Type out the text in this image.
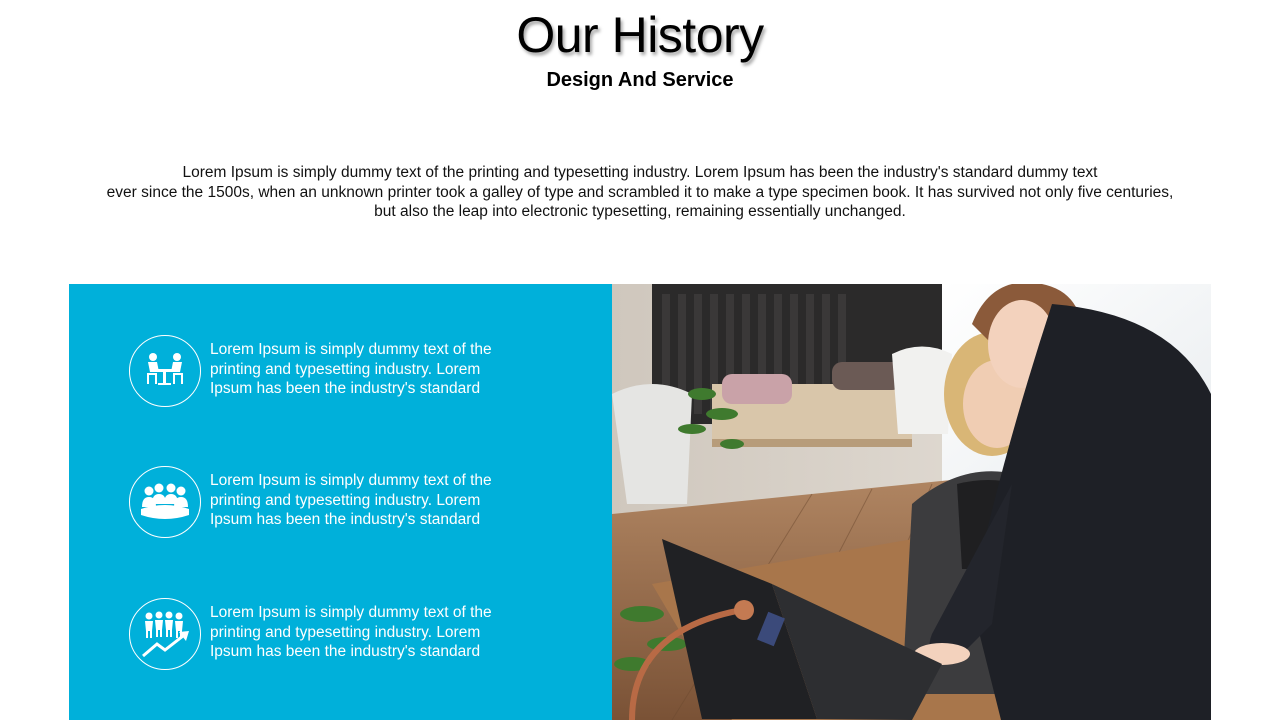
Our History
Design And Service
Lorem Ipsum is simply dummy text of the printing and typesetting industry. Lorem Ipsum has been the industry's standard dummy text
ever since the 1500s, when an unknown printer took a galley of type and scrambled it to make a type specimen book. It has survived not only five centuries,
but also the leap into electronic typesetting, remaining essentially unchanged.
Lorem Ipsum is simply dummy text of the
printing and typesetting industry. Lorem
Ipsum has been the industry's standard
Lorem Ipsum is simply dummy text of the
printing and typesetting industry. Lorem
Ipsum has been the industry's standard
Lorem Ipsum is simply dummy text of the
printing and typesetting industry. Lorem
Ipsum has been the industry's standard
